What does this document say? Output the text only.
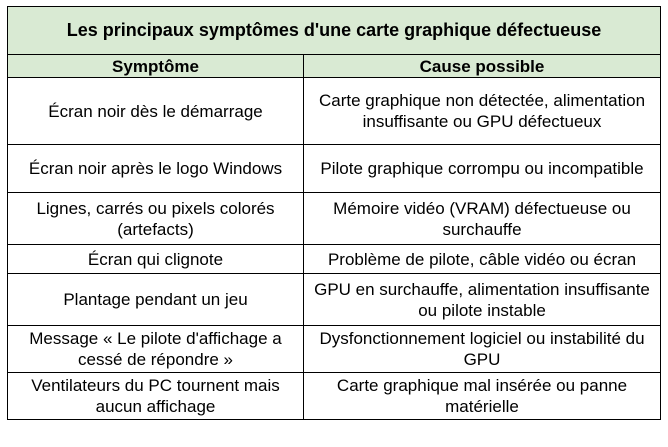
Les principaux symptômes d'une carte graphique défectueuse	
Symptôme	Cause possible
Écran noir dès le démarrage	Carte graphique non détectée, alimentation insuffisante ou GPU défectueux
Écran noir après le logo Windows	Pilote graphique corrompu ou incompatible
Lignes, carrés ou pixels colorés (artefacts)	Mémoire vidéo (VRAM) défectueuse ou surchauffe
Écran qui clignote	Problème de pilote, câble vidéo ou écran
Plantage pendant un jeu	GPU en surchauffe, alimentation insuffisante ou pilote instable
Message « Le pilote d'affichage a cessé de répondre »	Dysfonctionnement logiciel ou instabilité du GPU
Ventilateurs du PC tournent mais aucun affichage	Carte graphique mal insérée ou panne matérielle
